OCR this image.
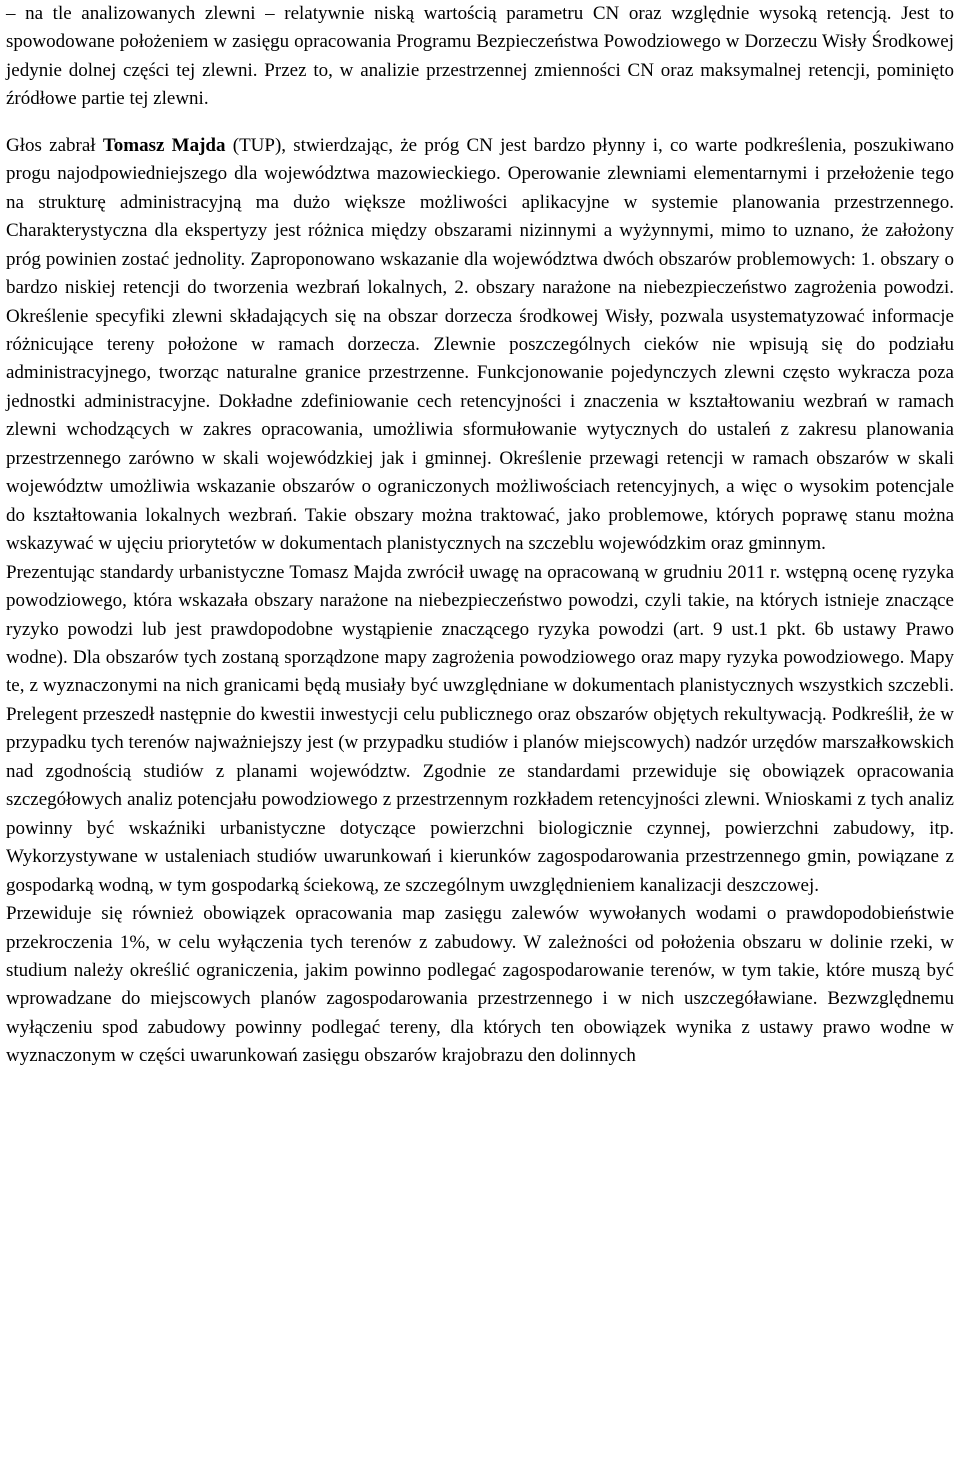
– na tle analizowanych zlewni – relatywnie niską wartością parametru CN oraz względnie wysoką retencją. Jest to spowodowane położeniem w zasięgu opracowania Programu Bezpieczeństwa Powodziowego w Dorzeczu Wisły Środkowej jedynie dolnej części tej zlewni. Przez to, w analizie przestrzennej zmienności CN oraz maksymalnej retencji, pominięto źródłowe partie tej zlewni.

Głos zabrał Tomasz Majda (TUP), stwierdzając, że próg CN jest bardzo płynny i, co warte podkreślenia, poszukiwano progu najodpowiedniejszego dla województwa mazowieckiego. Operowanie zlewniami elementarnymi i przełożenie tego na strukturę administracyjną ma dużo większe możliwości aplikacyjne w systemie planowania przestrzennego. Charakterystyczna dla ekspertyzy jest różnica między obszarami nizinnymi a wyżynnymi, mimo to uznano, że założony próg powinien zostać jednolity. Zaproponowano wskazanie dla województwa dwóch obszarów problemowych: 1. obszary o bardzo niskiej retencji do tworzenia wezbrań lokalnych, 2. obszary narażone na niebezpieczeństwo zagrożenia powodzi. Określenie specyfiki zlewni składających się na obszar dorzecza środkowej Wisły, pozwala usystematyzować informacje różnicujące tereny położone w ramach dorzecza. Zlewnie poszczególnych cieków nie wpisują się do podziału administracyjnego, tworząc naturalne granice przestrzenne. Funkcjonowanie pojedynczych zlewni często wykracza poza jednostki administracyjne. Dokładne zdefiniowanie cech retencyjności i znaczenia w kształtowaniu wezbrań w ramach zlewni wchodzących w zakres opracowania, umożliwia sformułowanie wytycznych do ustaleń z zakresu planowania przestrzennego zarówno w skali wojewódzkiej jak i gminnej. Określenie przewagi retencji w ramach obszarów w skali województw umożliwia wskazanie obszarów o ograniczonych możliwościach retencyjnych, a więc o wysokim potencjale do kształtowania lokalnych wezbrań. Takie obszary można traktować, jako problemowe, których poprawę stanu można wskazywać w ujęciu priorytetów w dokumentach planistycznych na szczeblu wojewódzkim oraz gminnym.

Prezentując standardy urbanistyczne Tomasz Majda zwrócił uwagę na opracowaną w grudniu 2011 r. wstępną ocenę ryzyka powodziowego, która wskazała obszary narażone na niebezpieczeństwo powodzi, czyli takie, na których istnieje znaczące ryzyko powodzi lub jest prawdopodobne wystąpienie znaczącego ryzyka powodzi (art. 9 ust.1 pkt. 6b ustawy Prawo wodne). Dla obszarów tych zostaną sporządzone mapy zagrożenia powodziowego oraz mapy ryzyka powodziowego. Mapy te, z wyznaczonymi na nich granicami będą musiały być uwzględniane w dokumentach planistycznych wszystkich szczebli. Prelegent przeszedł następnie do kwestii inwestycji celu publicznego oraz obszarów objętych rekultywacją. Podkreślił, że w przypadku tych terenów najważniejszy jest (w przypadku studiów i planów miejscowych) nadzór urzędów marszałkowskich nad zgodnością studiów z planami województw. Zgodnie ze standardami przewiduje się obowiązek opracowania szczegółowych analiz potencjału powodziowego z przestrzennym rozkładem retencyjności zlewni. Wnioskami z tych analiz powinny być wskaźniki urbanistyczne dotyczące powierzchni biologicznie czynnej, powierzchni zabudowy, itp. Wykorzystywane w ustaleniach studiów uwarunkowań i kierunków zagospodarowania przestrzennego gmin, powiązane z gospodarką wodną, w tym gospodarką ściekową, ze szczególnym uwzględnieniem kanalizacji deszczowej.

Przewiduje się również obowiązek opracowania map zasięgu zalewów wywołanych wodami o prawdopodobieństwie przekroczenia 1%, w celu wyłączenia tych terenów z zabudowy. W zależności od położenia obszaru w dolinie rzeki, w studium należy określić ograniczenia, jakim powinno podlegać zagospodarowanie terenów, w tym takie, które muszą być wprowadzane do miejscowych planów zagospodarowania przestrzennego i w nich uszczegóławiane. Bezwzględnemu wyłączeniu spod zabudowy powinny podlegać tereny, dla których ten obowiązek wynika z ustawy prawo wodne w wyznaczonym w części uwarunkowań zasięgu obszarów krajobrazu den dolinnych
